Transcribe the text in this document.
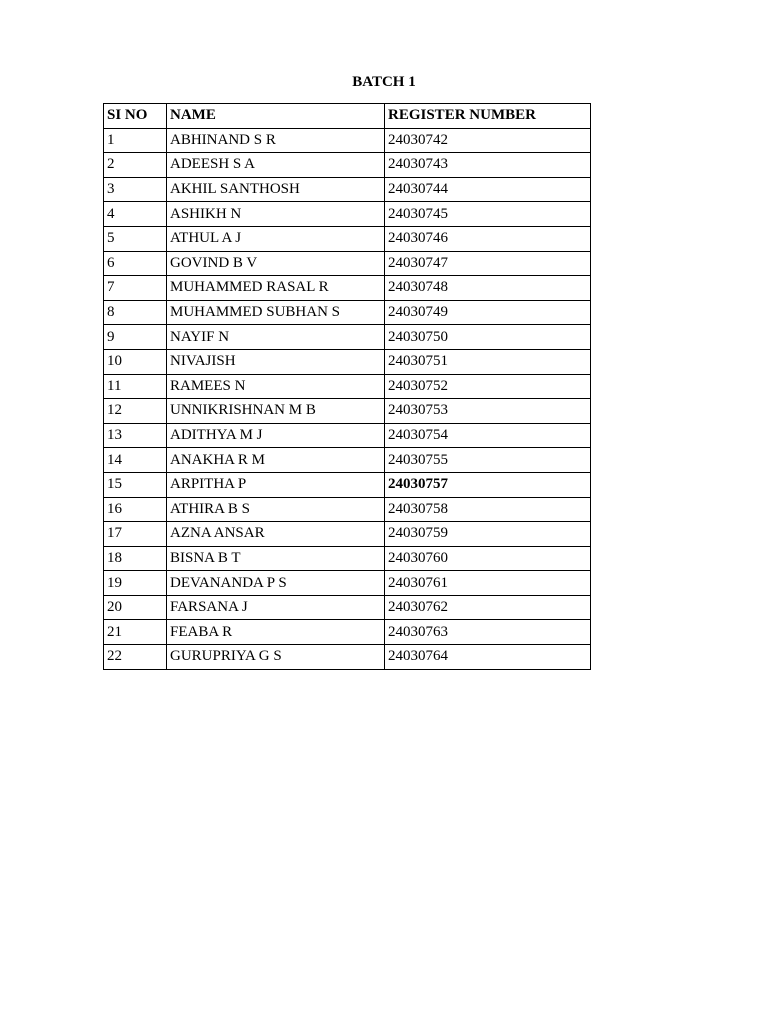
BATCH 1
SI NO	NAME	REGISTER NUMBER
1	ABHINAND S R	24030742
2	ADEESH S A	24030743
3	AKHIL SANTHOSH	24030744
4	ASHIKH N	24030745
5	ATHUL A J	24030746
6	GOVIND B V	24030747
7	MUHAMMED RASAL R	24030748
8	MUHAMMED SUBHAN S	24030749
9	NAYIF N	24030750
10	NIVAJISH	24030751
11	RAMEES N	24030752
12	UNNIKRISHNAN M B	24030753
13	ADITHYA M J	24030754
14	ANAKHA R M	24030755
15	ARPITHA P	24030757
16	ATHIRA B S	24030758
17	AZNA ANSAR	24030759
18	BISNA B T	24030760
19	DEVANANDA P S	24030761
20	FARSANA J	24030762
21	FEABA R	24030763
22	GURUPRIYA G S	24030764
